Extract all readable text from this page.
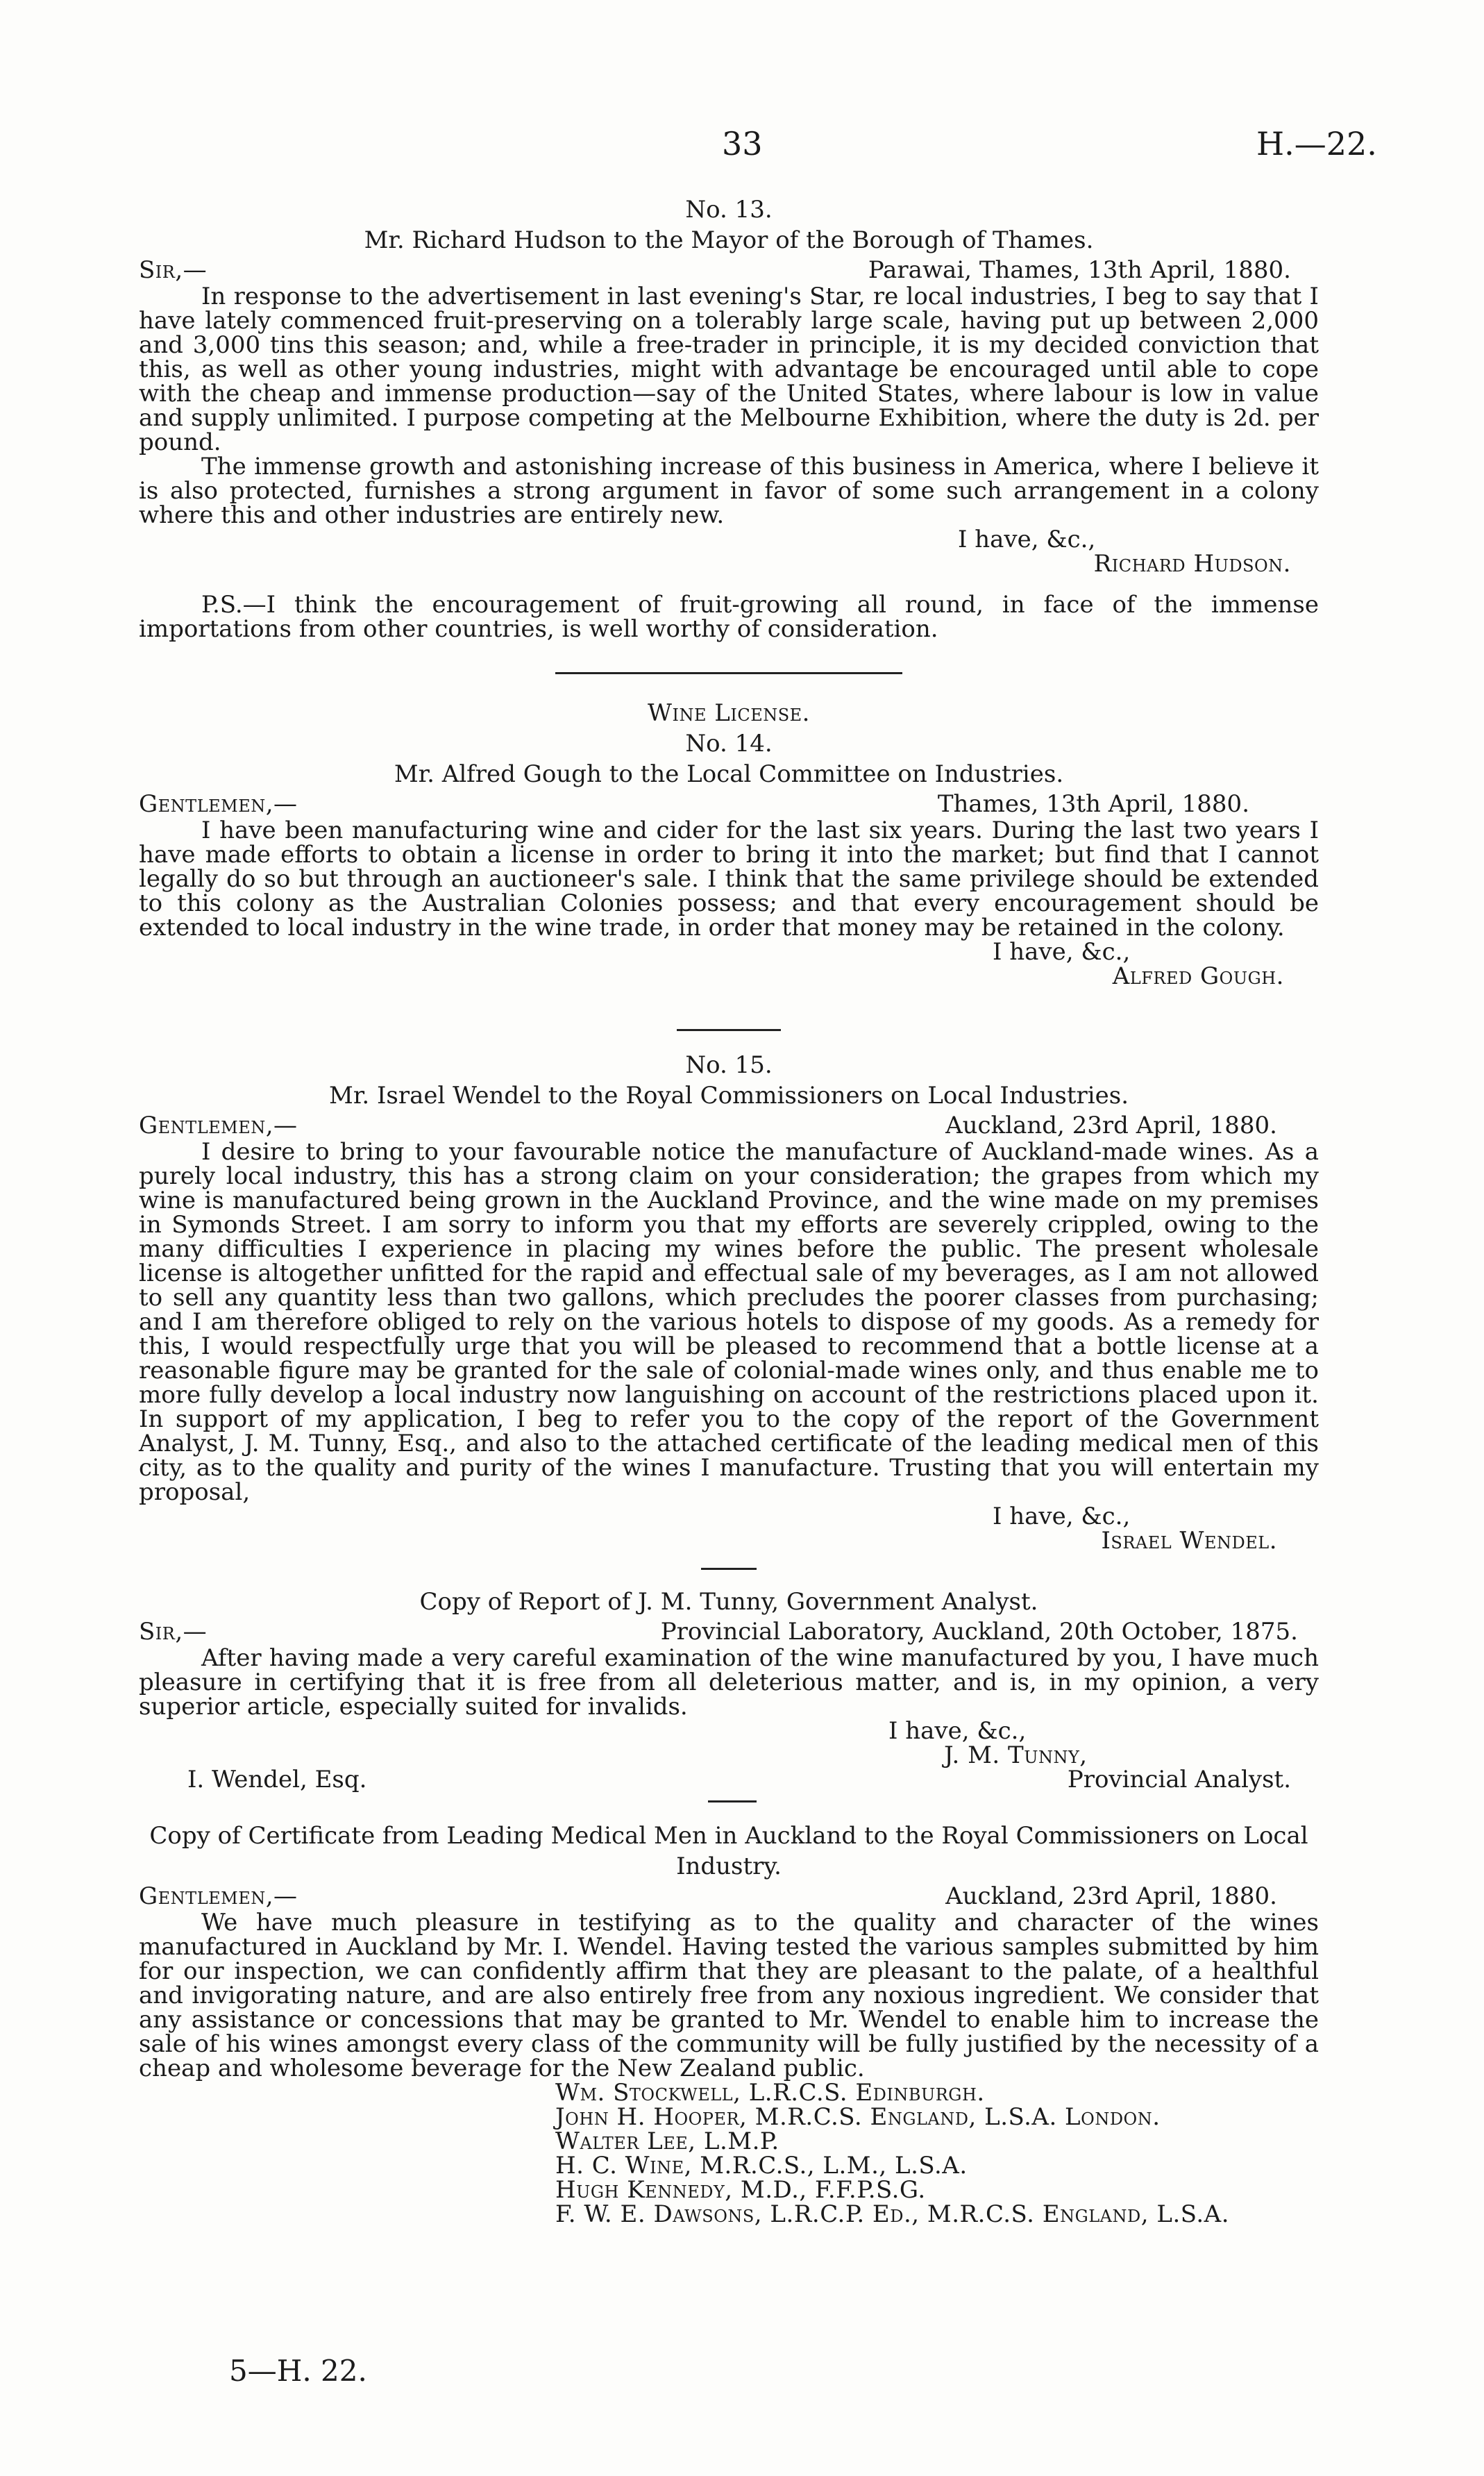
33	H.—22.
No. 13.
Mr. Richard Hudson to the Mayor of the Borough of Thames.
Sir,—	Parawai, Thames, 13th April, 1880.

In response to the advertisement in last evening's Star, re local industries, I beg to say that I have lately commenced fruit-preserving on a tolerably large scale, having put up between 2,000 and 3,000 tins this season; and, while a free-trader in principle, it is my decided conviction that this, as well as other young industries, might with advantage be encouraged until able to cope with the cheap and immense production—say of the United States, where labour is low in value and supply unlimited. I purpose competing at the Melbourne Exhibition, where the duty is 2d. per pound.

The immense growth and astonishing increase of this business in America, where I believe it is also protected, furnishes a strong argument in favor of some such arrangement in a colony where this and other industries are entirely new.

I have, &c.,
Richard Hudson.

P.S.—I think the encouragement of fruit-growing all round, in face of the immense importations from other countries, is well worthy of consideration.

Wine License.
No. 14.
Mr. Alfred Gough to the Local Committee on Industries.
Gentlemen,—	Thames, 13th April, 1880.

I have been manufacturing wine and cider for the last six years. During the last two years I have made efforts to obtain a license in order to bring it into the market; but find that I cannot legally do so but through an auctioneer's sale. I think that the same privilege should be extended to this colony as the Australian Colonies possess; and that every encouragement should be extended to local industry in the wine trade, in order that money may be retained in the colony.

I have, &c.,
Alfred Gough.
No. 15.
Mr. Israel Wendel to the Royal Commissioners on Local Industries.
Gentlemen,—	Auckland, 23rd April, 1880.

I desire to bring to your favourable notice the manufacture of Auckland-made wines. As a purely local industry, this has a strong claim on your consideration; the grapes from which my wine is manufactured being grown in the Auckland Province, and the wine made on my premises in Symonds Street. I am sorry to inform you that my efforts are severely crippled, owing to the many difficulties I experience in placing my wines before the public. The present wholesale license is altogether unfitted for the rapid and effectual sale of my beverages, as I am not allowed to sell any quantity less than two gallons, which precludes the poorer classes from purchasing; and I am therefore obliged to rely on the various hotels to dispose of my goods. As a remedy for this, I would respectfully urge that you will be pleased to recommend that a bottle license at a reasonable figure may be granted for the sale of colonial-made wines only, and thus enable me to more fully develop a local industry now languishing on account of the restrictions placed upon it. In support of my application, I beg to refer you to the copy of the report of the Government Analyst, J. M. Tunny, Esq., and also to the attached certificate of the leading medical men of this city, as to the quality and purity of the wines I manufacture. Trusting that you will entertain my proposal,

I have, &c.,
Israel Wendel.
Copy of Report of J. M. Tunny, Government Analyst.
Sir,—	Provincial Laboratory, Auckland, 20th October, 1875.

After having made a very careful examination of the wine manufactured by you, I have much pleasure in certifying that it is free from all deleterious matter, and is, in my opinion, a very superior article, especially suited for invalids.

I have, &c.,
J. M. Tunny,
I. Wendel, Esq.	Provincial Analyst.
Copy of Certificate from Leading Medical Men in Auckland to the Royal Commissioners on Local Industry.
Gentlemen,—	Auckland, 23rd April, 1880.

We have much pleasure in testifying as to the quality and character of the wines manufactured in Auckland by Mr. I. Wendel. Having tested the various samples submitted by him for our inspection, we can confidently affirm that they are pleasant to the palate, of a healthful and invigorating nature, and are also entirely free from any noxious ingredient. We consider that any assistance or concessions that may be granted to Mr. Wendel to enable him to increase the sale of his wines amongst every class of the community will be fully justified by the necessity of a cheap and wholesome beverage for the New Zealand public.

Wm. Stockwell, L.R.C.S. Edinburgh.
John H. Hooper, M.R.C.S. England, L.S.A. London.
Walter Lee, L.M.P.
H. C. Wine, M.R.C.S., L.M., L.S.A.
Hugh Kennedy, M.D., F.F.P.S.G.
F. W. E. Dawsons, L.R.C.P. Ed., M.R.C.S. England, L.S.A.
5—H. 22.
